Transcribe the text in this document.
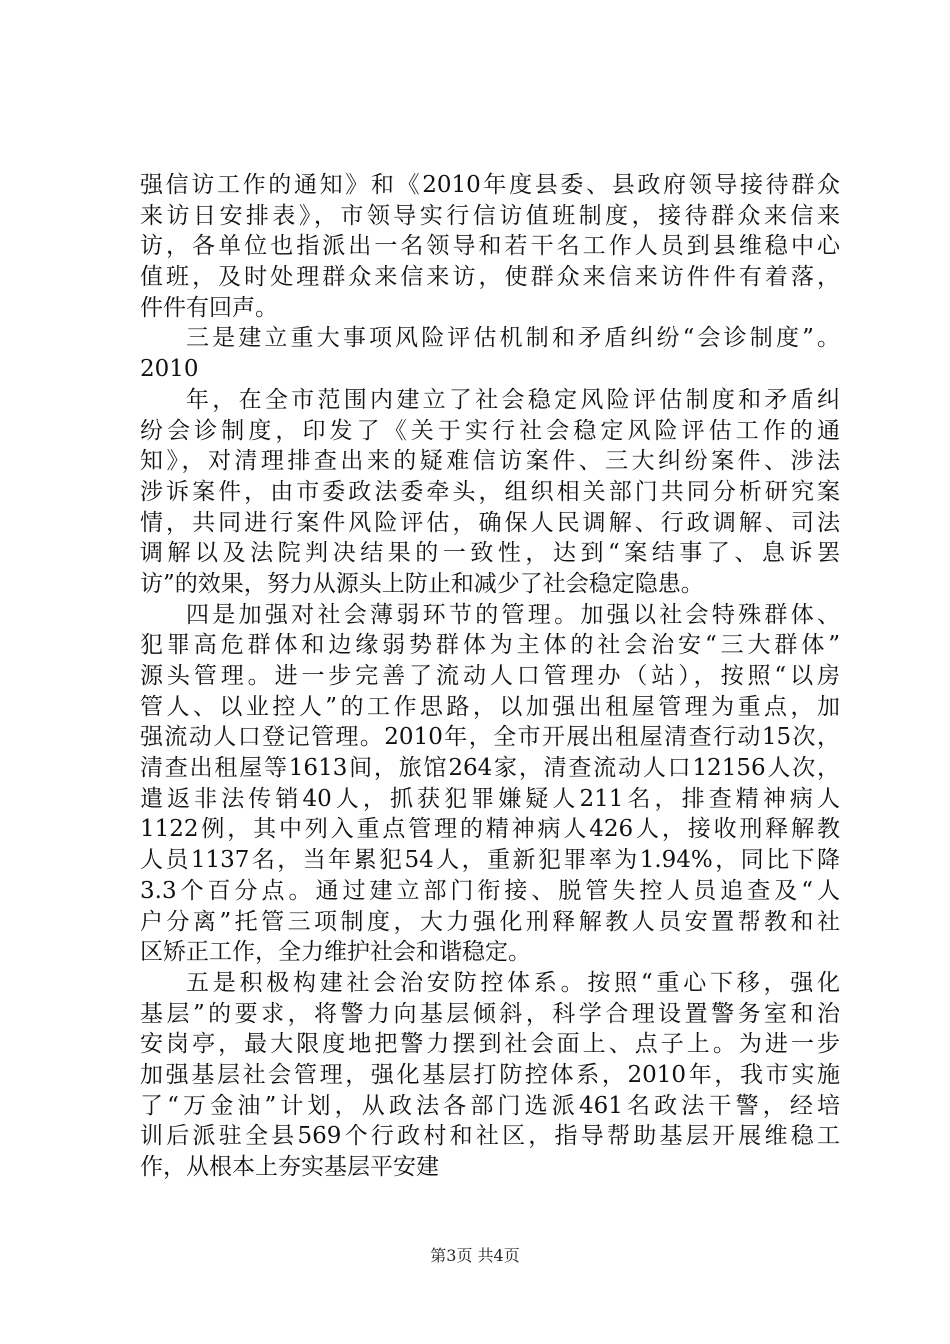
强信访工作的通知》和《2010年度县委、县政府领导接待群众
来访日安排表》，市领导实行信访值班制度，接待群众来信来
访，各单位也指派出一名领导和若干名工作人员到县维稳中心
值班，及时处理群众来信来访，使群众来信来访件件有着落，
件件有回声。
三是建立重大事项风险评估机制和矛盾纠纷“会诊制度”。
2010
年，在全市范围内建立了社会稳定风险评估制度和矛盾纠
纷会诊制度，印发了《关于实行社会稳定风险评估工作的通
知》，对清理排查出来的疑难信访案件、三大纠纷案件、涉法
涉诉案件，由市委政法委牵头，组织相关部门共同分析研究案
情，共同进行案件风险评估，确保人民调解、行政调解、司法
调解以及法院判决结果的一致性，达到“案结事了、息诉罢
访”的效果，努力从源头上防止和减少了社会稳定隐患。
四是加强对社会薄弱环节的管理。加强以社会特殊群体、
犯罪高危群体和边缘弱势群体为主体的社会治安“三大群体”
源头管理。进一步完善了流动人口管理办（站），按照“以房
管人、以业控人”的工作思路，以加强出租屋管理为重点，加
强流动人口登记管理。2010年，全市开展出租屋清查行动15次，
清查出租屋等1613间，旅馆264家，清查流动人口12156人次，
遣返非法传销40人，抓获犯罪嫌疑人211名，排查精神病人
1122例，其中列入重点管理的精神病人426人，接收刑释解教
人员1137名，当年累犯54人，重新犯罪率为1.94%，同比下降
3.3个百分点。通过建立部门衔接、脱管失控人员追查及“人
户分离”托管三项制度，大力强化刑释解教人员安置帮教和社
区矫正工作，全力维护社会和谐稳定。
五是积极构建社会治安防控体系。按照“重心下移，强化
基层”的要求，将警力向基层倾斜，科学合理设置警务室和治
安岗亭，最大限度地把警力摆到社会面上、点子上。为进一步
加强基层社会管理，强化基层打防控体系，2010年，我市实施
了“万金油”计划，从政法各部门选派461名政法干警，经培
训后派驻全县569个行政村和社区，指导帮助基层开展维稳工
作，从根本上夯实基层平安建
第3页 共4页
